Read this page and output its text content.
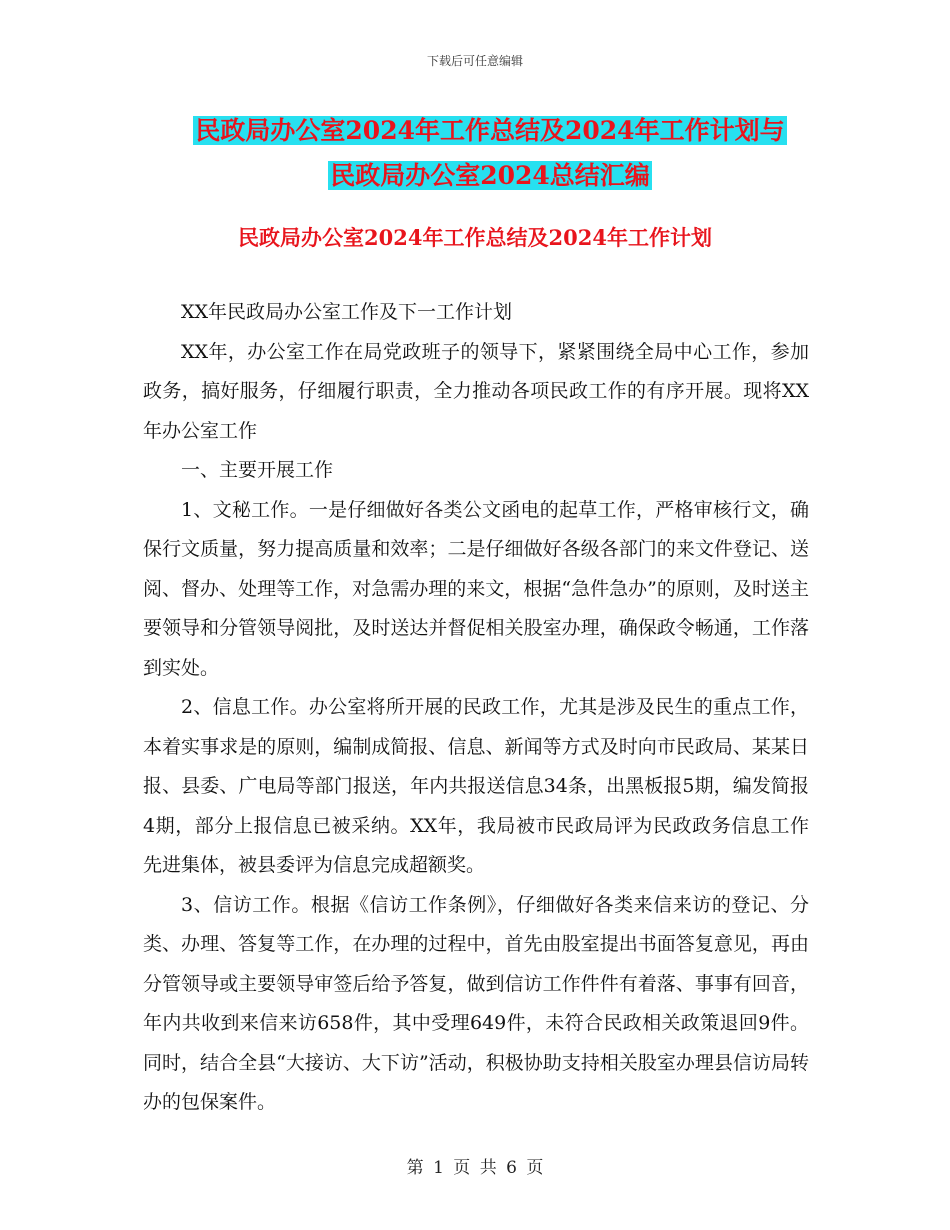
下载后可任意编辑
民政局办公室2024年工作总结及2024年工作计划与
民政局办公室2024总结汇编
民政局办公室2024年工作总结及2024年工作计划

XX年民政局办公室工作及下一工作计划

XX年，办公室工作在局党政班子的领导下，紧紧围绕全局中心工作，参加政务，搞好服务，仔细履行职责，全力推动各项民政工作的有序开展。现将XX年办公室工作

一、主要开展工作

1、文秘工作。一是仔细做好各类公文函电的起草工作，严格审核行文，确保行文质量，努力提高质量和效率；二是仔细做好各级各部门的来文件登记、送阅、督办、处理等工作，对急需办理的来文，根据“急件急办”的原则，及时送主要领导和分管领导阅批，及时送达并督促相关股室办理，确保政令畅通，工作落到实处。

2、信息工作。办公室将所开展的民政工作，尤其是涉及民生的重点工作，本着实事求是的原则，编制成简报、信息、新闻等方式及时向市民政局、某某日报、县委、广电局等部门报送，年内共报送信息34条，出黑板报5期，编发简报4期，部分上报信息已被采纳。XX年，我局被市民政局评为民政政务信息工作先进集体，被县委评为信息完成超额奖。

3、信访工作。根据《信访工作条例》，仔细做好各类来信来访的登记、分类、办理、答复等工作，在办理的过程中，首先由股室提出书面答复意见，再由分管领导或主要领导审签后给予答复，做到信访工作件件有着落、事事有回音，年内共收到来信来访658件，其中受理649件，未符合民政相关政策退回9件。同时，结合全县“大接访、大下访”活动，积极协助支持相关股室办理县信访局转办的包保案件。

第 1 页 共 6 页
